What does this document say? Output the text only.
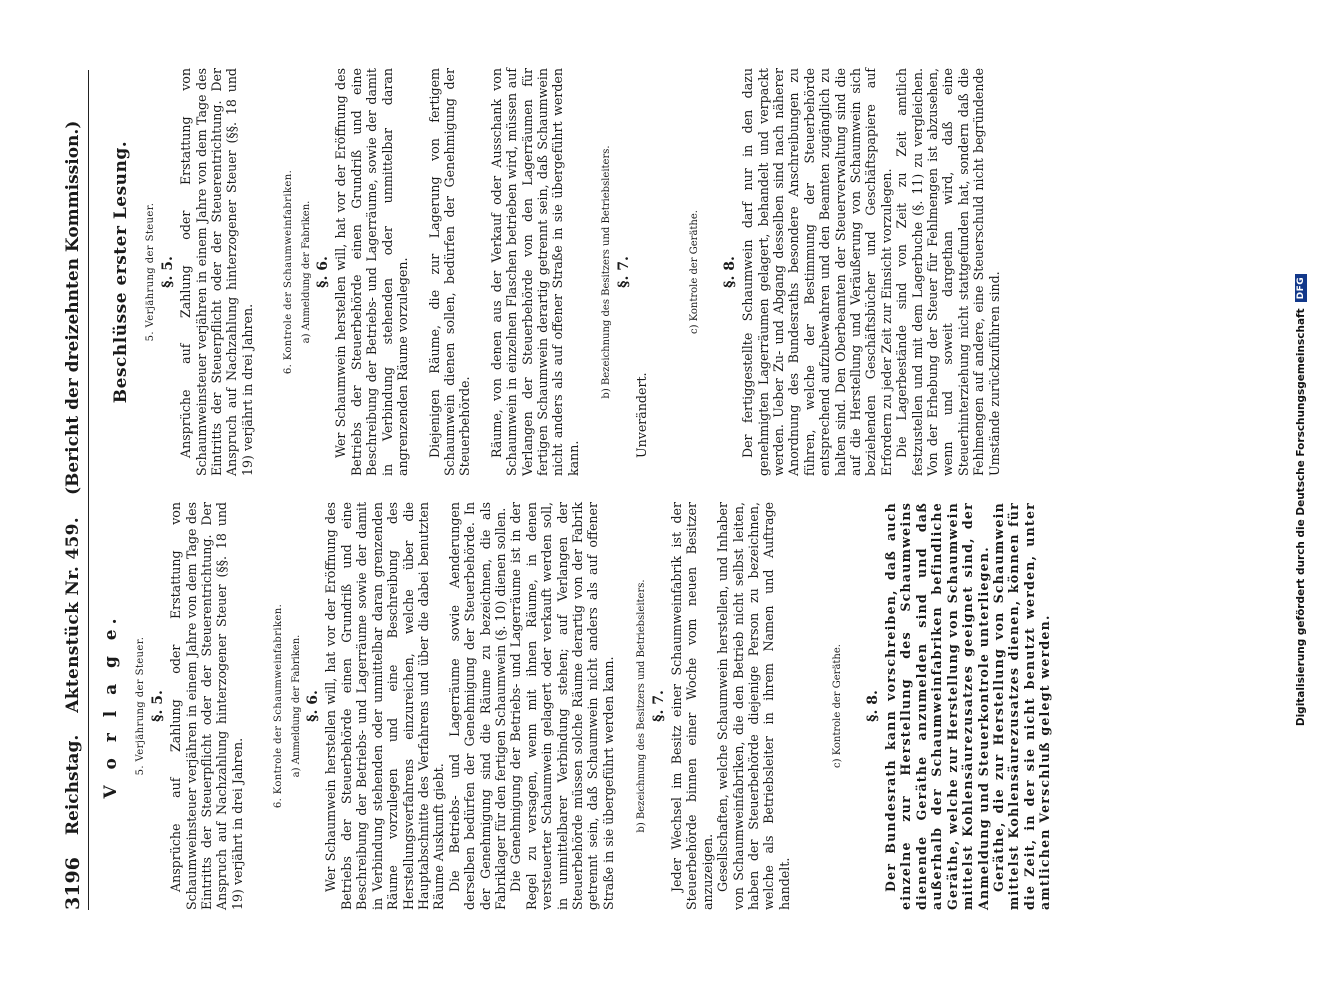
3196
Reichstag.
Aktenstück Nr. 459.
(Bericht der dreizehnten Kommission.)
V o r l a g e. 5. Verjährung der Steuer. §. 5. Ansprüche auf Zahlung oder Erstattung von Schaumweinsteuer verjähren in einem Jahre von dem Tage des Eintritts der Steuerpflicht oder der Steuerentrichtung. Der Anspruch auf Nachzahlung hinterzogener Steuer (§§. 18 und 19) verjährt in drei Jahren.

6. Kontrole der Schaumweinfabriken. a) Anmeldung der Fabriken. §. 6. Wer Schaumwein herstellen will, hat vor der Eröffnung des Betriebs der Steuerbehörde einen Grundriß und eine Beschreibung der Betriebs- und Lagerräume sowie der damit in Verbindung stehenden oder unmittelbar daran grenzenden Räume vorzulegen und eine Beschreibung des Herstellungsverfahrens einzureichen, welche über die Hauptabschnitte des Verfahrens und über die dabei benutzten Räume Auskunft giebt. Die Betriebs- und Lagerräume sowie Aenderungen derselben bedürfen der Genehmigung der Steuerbehörde. In der Genehmigung sind die Räume zu bezeichnen, die als Fabriklager für den fertigen Schaumwein (§. 10) dienen sollen. Die Genehmigung der Betriebs- und Lagerräume ist in der Regel zu versagen, wenn mit ihnen Räume, in denen versteuerter Schaumwein gelagert oder verkauft werden soll, in unmittelbarer Verbindung stehen; auf Verlangen der Steuerbehörde müssen solche Räume derartig von der Fabrik getrennt sein, daß Schaumwein nicht anders als auf offener Straße in sie übergeführt werden kann. b) Bezeichnung des Besitzers und Betriebsleiters. §. 7. Jeder Wechsel im Besitz einer Schaumweinfabrik ist der Steuerbehörde binnen einer Woche vom neuen Besitzer anzuzeigen. Gesellschaften, welche Schaumwein herstellen, und Inhaber von Schaumweinfabriken, die den Betrieb nicht selbst leiten, haben der Steuerbehörde diejenige Person zu bezeichnen, welche als Betriebsleiter in ihrem Namen und Auftrage handelt.

c) Kontrole der Geräthe. §. 8. Der Bundesrath kann vorschreiben, daß auch einzelne zur Herstellung des Schaumweins dienende Geräthe anzumelden sind und daß außerhalb der Schaumweinfabriken befindliche Geräthe, welche zur Herstellung von Schaumwein mittelst Kohlensäurezusatzes geeignet sind, der Anmeldung und Steuerkontrole unterliegen. Geräthe, die zur Herstellung von Schaumwein mittelst Kohlensäurezusatzes dienen, können für die Zeit, in der sie nicht benutzt werden, unter amtlichen Verschluß gelegt werden.

Beschlüsse erster Lesung. 5. Verjährung der Steuer. §. 5. Ansprüche auf Zahlung oder Erstattung von Schaumweinsteuer verjähren in einem Jahre von dem Tage des Eintritts der Steuerpflicht oder der Steuerentrichtung. Der Anspruch auf Nachzahlung hinterzogener Steuer (§§. 18 und 19) verjährt in drei Jahren.

6. Kontrole der Schaumweinfabriken. a) Anmeldung der Fabriken. §. 6. Wer Schaumwein herstellen will, hat vor der Eröffnung des Betriebs der Steuerbehörde einen Grundriß und eine Beschreibung der Betriebs- und Lagerräume, sowie der damit in Verbindung stehenden oder unmittelbar daran angrenzenden Räume vorzulegen. Diejenigen Räume, die zur Lagerung von fertigem Schaumwein dienen sollen, bedürfen der Genehmigung der Steuerbehörde. Räume, von denen aus der Verkauf oder Ausschank von Schaumwein in einzelnen Flaschen betrieben wird, müssen auf Verlangen der Steuerbehörde von den Lagerräumen für fertigen Schaumwein derartig getrennt sein, daß Schaumwein nicht anders als auf offener Straße in sie übergeführt werden kann.

b) Bezeichnung des Besitzers und Betriebsleiters. §. 7.

Unverändert.

c) Kontrole der Geräthe. §. 8. Der fertiggestellte Schaumwein darf nur in den dazu genehmigten Lagerräumen gelagert, behandelt und verpackt werden. Ueber Zu- und Abgang desselben sind nach näherer Anordnung des Bundesraths besondere Anschreibungen zu führen, welche der Bestimmung der Steuerbehörde entsprechend aufzubewahren und den Beamten zugänglich zu halten sind. Den Oberbeamten der Steuerverwaltung sind die auf die Herstellung und Veräußerung von Schaumwein sich beziehenden Geschäftsbücher und Geschäftspapiere auf Erfordern zu jeder Zeit zur Einsicht vorzulegen. Die Lagerbestände sind von Zeit zu Zeit amtlich festzustellen und mit dem Lagerbuche (§. 11) zu vergleichen. Von der Erhebung der Steuer für Fehlmengen ist abzusehen, wenn und soweit dargethan wird, daß eine Steuerhinterziehung nicht stattgefunden hat, sondern daß die Fehlmengen auf andere, eine Steuerschuld nicht begründende Umstände zurückzuführen sind.	Digitalisierung gefördert durch die Deutsche Forschungsgemeinschaft
DFG
